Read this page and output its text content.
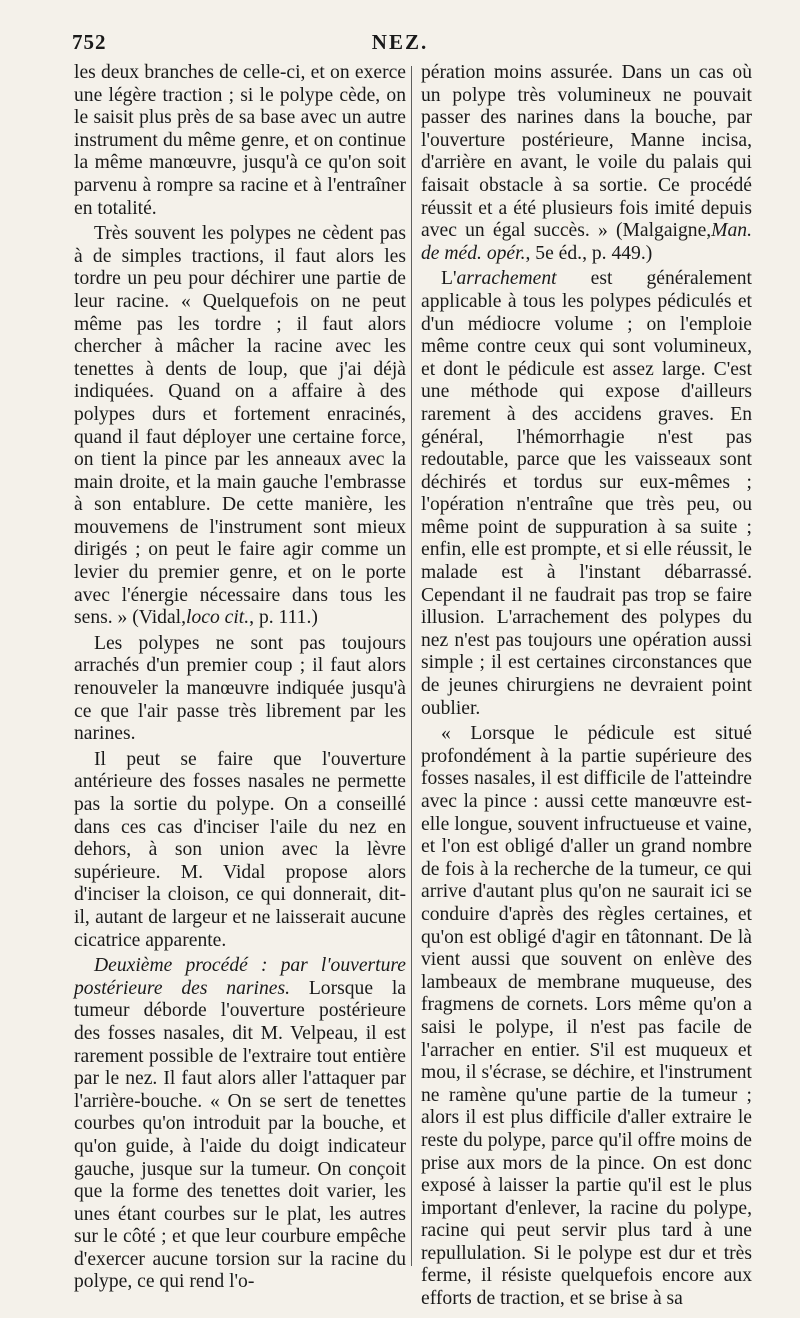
752	NEZ.

les deux branches de celle-ci, et on exerce une légère traction ; si le polype cède, on le saisit plus près de sa base avec un autre instrument du même genre, et on continue la même manœuvre, jusqu'à ce qu'on soit parvenu à rompre sa racine et à l'entraîner en totalité.

Très souvent les polypes ne cèdent pas à de simples tractions, il faut alors les tordre un peu pour déchirer une partie de leur racine. « Quelquefois on ne peut même pas les tordre ; il faut alors chercher à mâcher la racine avec les tenettes à dents de loup, que j'ai déjà indiquées. Quand on a affaire à des polypes durs et fortement enracinés, quand il faut déployer une certaine force, on tient la pince par les anneaux avec la main droite, et la main gauche l'embrasse à son entablure. De cette manière, les mouvemens de l'instrument sont mieux dirigés ; on peut le faire agir comme un levier du premier genre, et on le porte avec l'énergie nécessaire dans tous les sens. » (Vidal,loco cit., p. 111.)

Les polypes ne sont pas toujours arrachés d'un premier coup ; il faut alors renouveler la manœuvre indiquée jusqu'à ce que l'air passe très librement par les narines.

Il peut se faire que l'ouverture antérieure des fosses nasales ne permette pas la sortie du polype. On a conseillé dans ces cas d'inciser l'aile du nez en dehors, à son union avec la lèvre supérieure. M. Vidal propose alors d'inciser la cloison, ce qui donnerait, dit-il, autant de largeur et ne laisserait aucune cicatrice apparente.

Deuxième procédé : par l'ouverture postérieure des narines. Lorsque la tumeur déborde l'ouverture postérieure des fosses nasales, dit M. Velpeau, il est rarement possible de l'extraire tout entière par le nez. Il faut alors aller l'attaquer par l'arrière-bouche. « On se sert de tenettes courbes qu'on introduit par la bouche, et qu'on guide, à l'aide du doigt indicateur gauche, jusque sur la tumeur. On conçoit que la forme des tenettes doit varier, les unes étant courbes sur le plat, les autres sur le côté ; et que leur courbure empêche d'exercer aucune torsion sur la racine du polype, ce qui rend l'o-

pération moins assurée. Dans un cas où un polype très volumineux ne pouvait passer des narines dans la bouche, par l'ouverture postérieure, Manne incisa, d'arrière en avant, le voile du palais qui faisait obstacle à sa sortie. Ce procédé réussit et a été plusieurs fois imité depuis avec un égal succès. » (Malgaigne,Man. de méd. opér., 5e éd., p. 449.)

L'arrachement est généralement applicable à tous les polypes pédiculés et d'un médiocre volume ; on l'emploie même contre ceux qui sont volumineux, et dont le pédicule est assez large. C'est une méthode qui expose d'ailleurs rarement à des accidens graves. En général, l'hémorrhagie n'est pas redoutable, parce que les vaisseaux sont déchirés et tordus sur eux-mêmes ; l'opération n'entraîne que très peu, ou même point de suppuration à sa suite ; enfin, elle est prompte, et si elle réussit, le malade est à l'instant débarrassé. Cependant il ne faudrait pas trop se faire illusion. L'arrachement des polypes du nez n'est pas toujours une opération aussi simple ; il est certaines circonstances que de jeunes chirurgiens ne devraient point oublier.

« Lorsque le pédicule est situé profondément à la partie supérieure des fosses nasales, il est difficile de l'atteindre avec la pince : aussi cette manœuvre est-elle longue, souvent infructueuse et vaine, et l'on est obligé d'aller un grand nombre de fois à la recherche de la tumeur, ce qui arrive d'autant plus qu'on ne saurait ici se conduire d'après des règles certaines, et qu'on est obligé d'agir en tâtonnant. De là vient aussi que souvent on enlève des lambeaux de membrane muqueuse, des fragmens de cornets. Lors même qu'on a saisi le polype, il n'est pas facile de l'arracher en entier. S'il est muqueux et mou, il s'écrase, se déchire, et l'instrument ne ramène qu'une partie de la tumeur ; alors il est plus difficile d'aller extraire le reste du polype, parce qu'il offre moins de prise aux mors de la pince. On est donc exposé à laisser la partie qu'il est le plus important d'enlever, la racine du polype, racine qui peut servir plus tard à une repullulation. Si le polype est dur et très ferme, il résiste quelquefois encore aux efforts de traction, et se brise à sa
